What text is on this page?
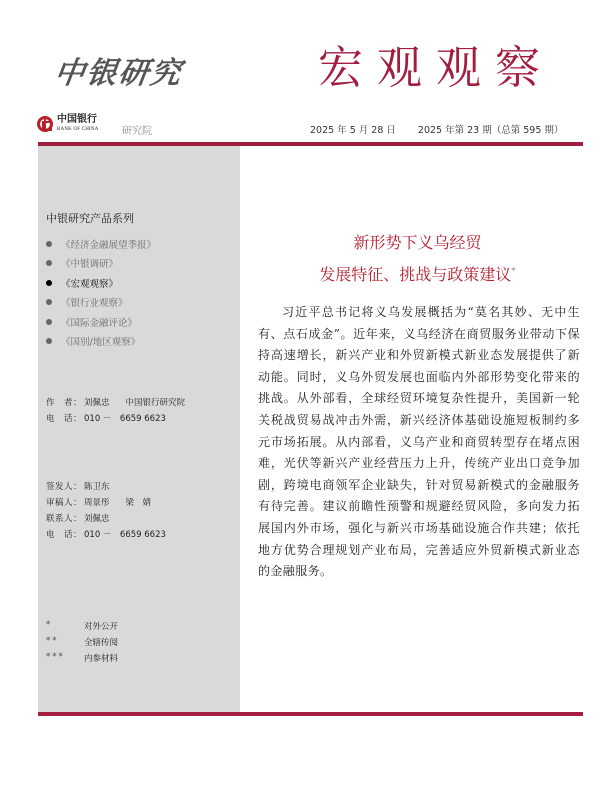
中银研究	宏观观察
中国银行
BANK OF CHINA 研究院	2025 年 5 月 28 日 2025 年第 23 期（总第 595 期）
中银研究产品系列
《经济金融展望季报》
《中银调研》
《宏观观察》
《银行业观察》
《国际金融评论》
《国别/地区观察》
作　者： 刘佩忠 中国银行研究院
电　话： 010 －　6659 6623
签发人： 陈卫东
审稿人： 周景彤 梁　婧
联系人： 刘佩忠
电　话： 010 －　6659 6623
*	对外公开
**	全辖传阅
***	内参材料
新形势下义乌经贸
发展特征、挑战与政策建议*

习近平总书记将义乌发展概括为“莫名其妙、无中生有、点石成金”。近年来，义乌经济在商贸服务业带动下保持高速增长，新兴产业和外贸新模式新业态发展提供了新动能。同时，义乌外贸发展也面临内外部形势变化带来的挑战。从外部看，全球经贸环境复杂性提升，美国新一轮关税战贸易战冲击外需，新兴经济体基础设施短板制约多元市场拓展。从内部看，义乌产业和商贸转型存在堵点困难，光伏等新兴产业经营压力上升，传统产业出口竞争加剧，跨境电商领军企业缺失，针对贸易新模式的金融服务有待完善。建议前瞻性预警和规避经贸风险，多向发力拓展国内外市场，强化与新兴市场基础设施合作共建；依托地方优势合理规划产业布局，完善适应外贸新模式新业态的金融服务。
